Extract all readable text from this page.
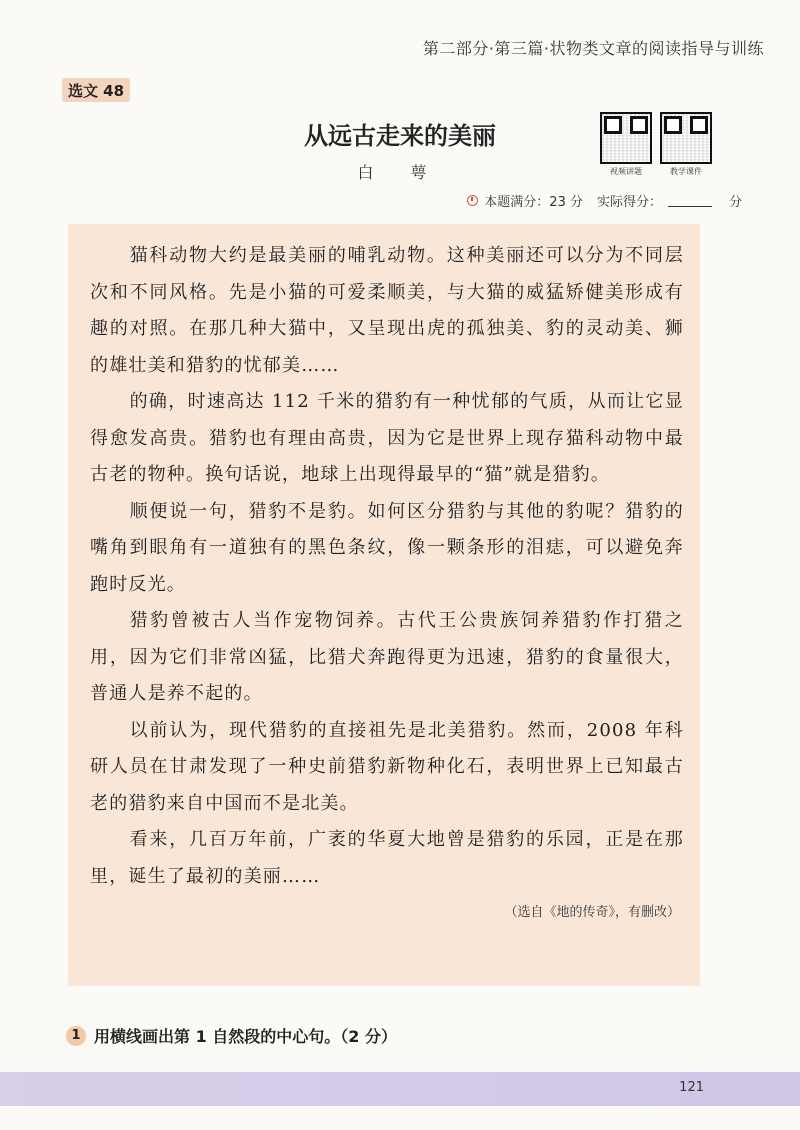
第二部分·第三篇·状物类文章的阅读指导与训练
选文 48
从远古走来的美丽
白 萼	视频讲题	教学课件
本题满分：23 分 实际得分：	分

猫科动物大约是最美丽的哺乳动物。这种美丽还可以分为不同层次和不同风格。先是小猫的可爱柔顺美，与大猫的威猛矫健美形成有趣的对照。在那几种大猫中，又呈现出虎的孤独美、豹的灵动美、狮的雄壮美和猎豹的忧郁美……

的确，时速高达 112 千米的猎豹有一种忧郁的气质，从而让它显得愈发高贵。猎豹也有理由高贵，因为它是世界上现存猫科动物中最古老的物种。换句话说，地球上出现得最早的“猫”就是猎豹。

顺便说一句，猎豹不是豹。如何区分猎豹与其他的豹呢？猎豹的嘴角到眼角有一道独有的黑色条纹，像一颗条形的泪痣，可以避免奔跑时反光。

猎豹曾被古人当作宠物饲养。古代王公贵族饲养猎豹作打猎之用，因为它们非常凶猛，比猎犬奔跑得更为迅速，猎豹的食量很大，普通人是养不起的。

以前认为，现代猎豹的直接祖先是北美猎豹。然而，2008 年科研人员在甘肃发现了一种史前猎豹新物种化石，表明世界上已知最古老的猎豹来自中国而不是北美。

看来，几百万年前，广袤的华夏大地曾是猎豹的乐园，正是在那里，诞生了最初的美丽……

（选自《地的传奇》，有删改）
1 用横线画出第 1 自然段的中心句。（2 分）
121
